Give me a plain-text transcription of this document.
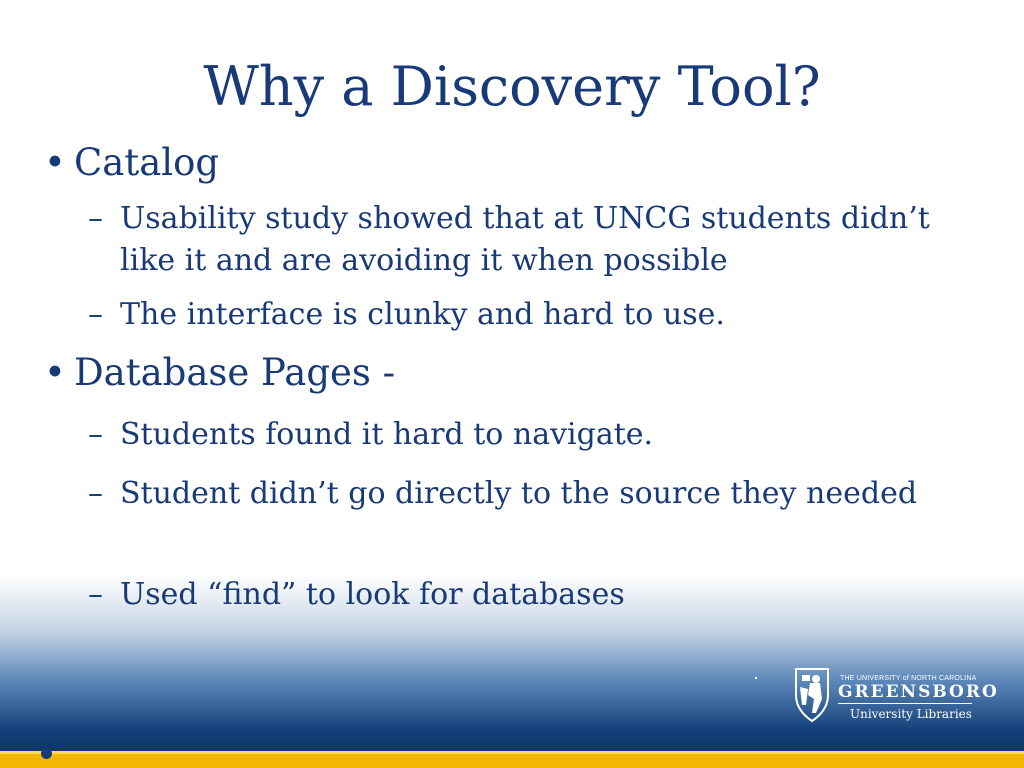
Why a Discovery Tool?
• Catalog
– Usability study showed that at UNCG students didn’t like it and are avoiding it when possible
– The interface is clunky and hard to use.
• Database Pages -
– Students found it hard to navigate.
– Student didn’t go directly to the source they needed
– Used “find” to look for databases
THE UNIVERSITY of NORTH CAROLINA
GREENSBORO
University Libraries
